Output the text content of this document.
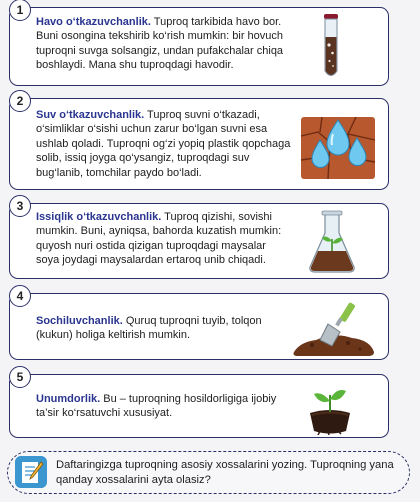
1
Havo o‘tkazuvchanlik. Tuproq tarkibida havo bor. Buni osongina tekshirib ko‘rish mumkin: bir hovuch tuproqni suvga solsangiz, undan pufakchalar chiqa boshlaydi. Mana shu tuproqdagi havodir.
2
Suv o‘tkazuvchanlik. Tuproq suvni o‘tkazadi, o‘simliklar o‘sishi uchun zarur bo‘lgan suvni esa ushlab qoladi. Tuproqni og‘zi yopiq plastik qopchaga solib, issiq joyga qo‘ysangiz, tuproqdagi suv bug‘lanib, tomchilar paydo bo‘ladi.
3
Issiqlik o‘tkazuvchanlik. Tuproq qizishi, sovishi mumkin. Buni, ayniqsa, bahorda kuzatish mumkin: quyosh nuri ostida qizigan tuproqdagi maysalar soya joydagi maysalardan ertaroq unib chiqadi.
4
Sochiluvchanlik. Quruq tuproqni tuyib, tolqon (kukun) holiga keltirish mumkin.
5
Unumdorlik. Bu – tuproqning hosildorligiga ijobiy ta’sir ko‘rsatuvchi xususiyat.
Daftaringizga tuproqning asosiy xossalarini yozing. Tuproqning yana qanday xossalarini ayta olasiz?
